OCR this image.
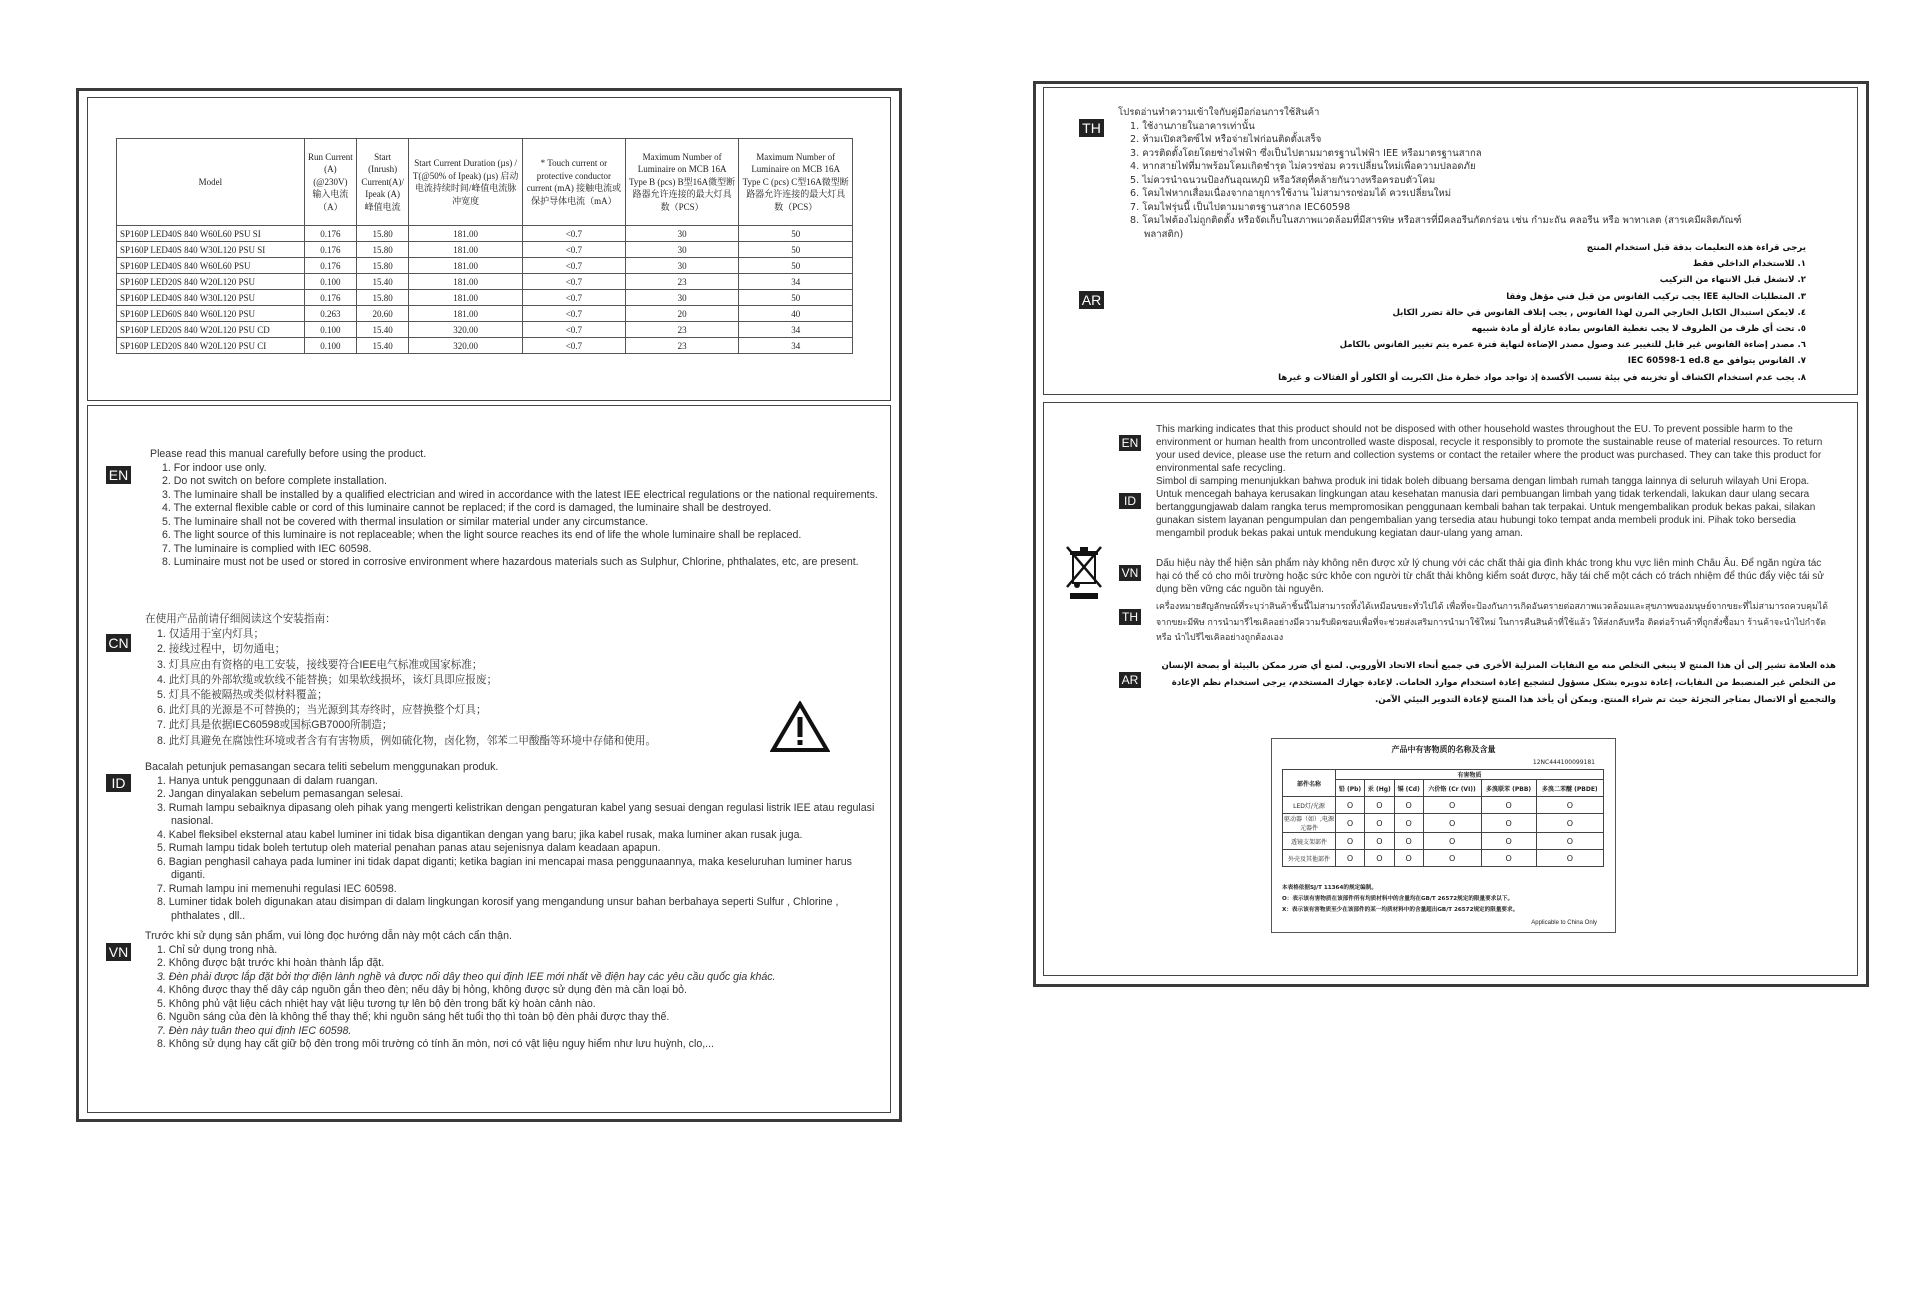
Model	Run Current (A) (@230V) 输入电流（A）	Start (Inrush) Current(A)/ Ipeak (A) 峰值电流	Start Current Duration (µs) / T(@50% of Ipeak) (µs) 启动电流持续时间/峰值电流脉冲宽度	* Touch current or protective conductor current (mA) 接触电流或保护导体电流（mA）	Maximum Number of Luminaire on MCB 16A Type B (pcs) B型16A微型断路器允许连接的最大灯具数（PCS）	Maximum Number of Luminaire on MCB 16A Type C (pcs) C型16A微型断路器允许连接的最大灯具数（PCS）
SP160P LED40S 840 W60L60 PSU SI	0.176	15.80	181.00	<0.7	30	50
SP160P LED40S 840 W30L120 PSU SI	0.176	15.80	181.00	<0.7	30	50
SP160P LED40S 840 W60L60 PSU	0.176	15.80	181.00	<0.7	30	50
SP160P LED20S 840 W20L120 PSU	0.100	15.40	181.00	<0.7	23	34
SP160P LED40S 840 W30L120 PSU	0.176	15.80	181.00	<0.7	30	50
SP160P LED60S 840 W60L120 PSU	0.263	20.60	181.00	<0.7	20	40
SP160P LED20S 840 W20L120 PSU CD	0.100	15.40	320.00	<0.7	23	34
SP160P LED20S 840 W20L120 PSU CI	0.100	15.40	320.00	<0.7	23	34
EN

Please read this manual carefully before using the product.

1. For indoor use only.

2. Do not switch on before complete installation.

3. The luminaire shall be installed by a qualified electrician and wired in accordance with the latest IEE electrical regulations or the national requirements.

4. The external flexible cable or cord of this luminaire cannot be replaced; if the cord is damaged, the luminaire shall be destroyed.

5. The luminaire shall not be covered with thermal insulation or similar material under any circumstance.

6. The light source of this luminaire is not replaceable; when the light source reaches its end of life the whole luminaire shall be replaced.

7. The luminaire is complied with IEC 60598.

8. Luminaire must not be used or stored in corrosive environment where hazardous materials such as Sulphur, Chlorine, phthalates, etc, are present.

CN

在使用产品前请仔细阅读这个安装指南：

1. 仅适用于室内灯具；

2. 接线过程中，切勿通电；

3. 灯具应由有资格的电工安装，接线要符合IEE电气标准或国家标准；

4. 此灯具的外部软缆或软线不能替换；如果软线损坏，该灯具即应报废；

5. 灯具不能被隔热或类似材料覆盖；

6. 此灯具的光源是不可替换的；当光源到其寿终时，应替换整个灯具；

7. 此灯具是依据IEC60598或国标GB7000所制造；

8. 此灯具避免在腐蚀性环境或者含有有害物质，例如硫化物，卤化物，邻苯二甲酸酯等环境中存储和使用。

ID

Bacalah petunjuk pemasangan secara teliti sebelum menggunakan produk.

1. Hanya untuk penggunaan di dalam ruangan.

2. Jangan dinyalakan sebelum pemasangan selesai.

3. Rumah lampu sebaiknya dipasang oleh pihak yang mengerti kelistrikan dengan pengaturan kabel yang sesuai dengan regulasi listrik IEE atau regulasi nasional.

4. Kabel fleksibel eksternal atau kabel luminer ini tidak bisa digantikan dengan yang baru; jika kabel rusak, maka luminer akan rusak juga.

5. Rumah lampu tidak boleh tertutup oleh material penahan panas atau sejenisnya dalam keadaan apapun.

6. Bagian penghasil cahaya pada luminer ini tidak dapat diganti; ketika bagian ini mencapai masa penggunaannya, maka keseluruhan luminer harus diganti.

7. Rumah lampu ini memenuhi regulasi IEC 60598.

8. Luminer tidak boleh digunakan atau disimpan di dalam lingkungan korosif yang mengandung unsur bahan berbahaya seperti Sulfur , Chlorine , phthalates , dll..

VN

Trước khi sử dụng sản phẩm, vui lòng đọc hướng dẫn này một cách cẩn thận.

1. Chỉ sử dụng trong nhà.

2. Không được bật trước khi hoàn thành lắp đặt.

3. Đèn phải được lắp đặt bởi thợ điện lành nghề và được nối dây theo qui định IEE mới nhất về điện hay các yêu cầu quốc gia khác.

4. Không được thay thế dây cáp nguồn gắn theo đèn; nếu dây bị hỏng, không được sử dụng đèn mà cần loại bỏ.

5. Không phủ vật liệu cách nhiệt hay vật liệu tương tự lên bộ đèn trong bất kỳ hoàn cảnh nào.

6. Nguồn sáng của đèn là không thể thay thế; khi nguồn sáng hết tuổi thọ thì toàn bộ đèn phải được thay thế.

7. Đèn này tuân theo qui định IEC 60598.

8. Không sử dụng hay cất giữ bộ đèn trong môi trường có tính ăn mòn, nơi có vật liệu nguy hiểm như lưu huỳnh, clo,...

TH

โปรดอ่านทำความเข้าใจกับคู่มือก่อนการใช้สินค้า

1. ใช้งานภายในอาคารเท่านั้น

2. ห้ามเปิดสวิตซ์ไฟ หรือจ่ายไฟก่อนติดตั้งเสร็จ

3. ควรติดตั้งโดยโดยช่างไฟฟ้า ซึ่งเป็นไปตามมาตรฐานไฟฟ้า IEE หรือมาตรฐานสากล

4. หากสายไฟที่มาพร้อมโคมเกิดชำรุด ไม่ควรซ่อม ควรเปลี่ยนใหม่เพื่อความปลอดภัย

5. ไม่ควรนำฉนวนป้องกันอุณหภูมิ หรือวัสดุที่คล้ายกันวางหรือครอบตัวโคม

6. โคมไฟหากเสื่อมเนื่องจากอายุการใช้งาน ไม่สามารถซ่อมได้ ควรเปลี่ยนใหม่

7. โคมไฟรุ่นนี้ เป็นไปตามมาตรฐานสากล IEC60598

8. โคมไฟต้องไม่ถูกติดตั้ง หรือจัดเก็บในสภาพแวดล้อมที่มีสารพิษ หรือสารที่มีคลอรีนกัดกร่อน เช่น กำมะถัน คลอรีน หรือ พาทาเลต (สารเคมีผลิตภัณฑ์พลาสติก)

AR

يرجى قراءة هذه التعليمات بدقة قبل استخدام المنتج

١. للاستخدام الداخلي فقط

٢. لاتشغل قبل الانتهاء من التركيب

٣. المتطلبات الحالية IEE يجب تركيب الفانوس من قبل فني مؤهل وفقا

٤. لايمكن استبدال الكابل الخارجي المرن لهذا الفانوس , يجب إتلاف الفانوس في حالة تضرر الكابل

٥. تحت أي ظرف من الظروف لا يجب تغطية الفانوس بمادة عازلة أو مادة شبيهه

٦. مصدر إضاءة الفانوس غير قابل للتغيير عند وصول مصدر الإضاءة لنهاية فترة عمره يتم تغيير الفانوس بالكامل

٧. الفانوس يتوافق مع IEC 60598-1 ed.8

٨. يجب عدم استخدام الكشاف أو تخزينه في بيئة تسبب الأكسدة إذ تواجد مواد خطرة مثل الكبريت أو الكلور أو الفثالات و غيرها

EN
This marking indicates that this product should not be disposed with other household wastes throughout the EU. To prevent possible harm to the environment or human health from uncontrolled waste disposal, recycle it responsibly to promote the sustainable reuse of material resources. To return your used device, please use the return and collection systems or contact the retailer where the product was purchased. They can take this product for environmental safe recycling.
ID
Simbol di samping menunjukkan bahwa produk ini tidak boleh dibuang bersama dengan limbah rumah tangga lainnya di seluruh wilayah Uni Eropa. Untuk mencegah bahaya kerusakan lingkungan atau kesehatan manusia dari pembuangan limbah yang tidak terkendali, lakukan daur ulang secara bertanggungjawab dalam rangka terus mempromosikan penggunaan kembali bahan tak terpakai. Untuk mengembalikan produk bekas pakai, silakan gunakan sistem layanan pengumpulan dan pengembalian yang tersedia atau hubungi toko tempat anda membeli produk ini. Pihak toko bersedia mengambil produk bekas pakai untuk mendukung kegiatan daur-ulang yang aman.
VN
Dấu hiệu này thể hiện sản phẩm này không nên được xử lý chung với các chất thải gia đình khác trong khu vực liên minh Châu Âu. Để ngăn ngừa tác hại có thể có cho môi trường hoặc sức khỏe con người từ chất thải không kiểm soát được, hãy tái chế một cách có trách nhiệm để thúc đẩy việc tái sử dụng bền vững các nguồn tài nguyên.
TH
เครื่องหมายสัญลักษณ์ที่ระบุว่าสินค้าชิ้นนี้ไม่สามารถทิ้งได้เหมือนขยะทั่วไปได้ เพื่อที่จะป้องกันการเกิดอันตรายต่อสภาพแวดล้อมและสุขภาพของมนุษย์จากขยะที่ไม่สามารถควบคุมได้จากขยะมีพิษ การนำมารีไซเคิลอย่างมีความรับผิดชอบเพื่อที่จะช่วยส่งเสริมการนำมาใช้ใหม่ ในการคืนสินค้าที่ใช้แล้ว ให้ส่งกลับหรือ ติดต่อร้านค้าที่ถูกสั่งซื้อมา ร้านค้าจะนำไปกำจัด หรือ นำไปรีไซเคิลอย่างถูกต้องเอง
AR
هذه العلامة تشير إلى أن هذا المنتج لا ينبغي التخلص منه مع النفايات المنزلية الأخرى في جميع أنحاء الاتحاد الأوروبي. لمنع أي ضرر ممكن بالبيئة أو بصحة الإنسان من التخلص غير المنضبط من النفايات، إعادة تدويره بشكل مسؤول لتشجيع إعادة استخدام موارد الخامات. لإعادة جهازك المستخدم، يرجى استخدام نظم الإعادة والتجميع أو الاتصال بمتاجر التجزئة حيث تم شراء المنتج. ويمكن أن يأخذ هذا المنتج لإعادة التدوير البيئي الآمن.
产品中有害物质的名称及含量
12NC444100099181
部件名称	有害物质					
	铅 (Pb)	汞 (Hg)	镉 (Cd)	六价铬 (Cr (VI))	多溴联苯 (PBB)	多溴二苯醚 (PBDE)
LED灯/光源	O	O	O	O	O	O
驱动器（如）,电源元器件	O	O	O	O	O	O
透镜支架部件	O	O	O	O	O	O
外壳及其他部件	O	O	O	O	O	O
本表格依据SJ/T 11364的规定编制。
O：表示该有害物质在该部件所有均质材料中的含量均在GB/T 26572规定的限量要求以下。
X：表示该有害物质至少在该部件的某一均质材料中的含量超出GB/T 26572规定的限量要求。
Applicable to China Only
